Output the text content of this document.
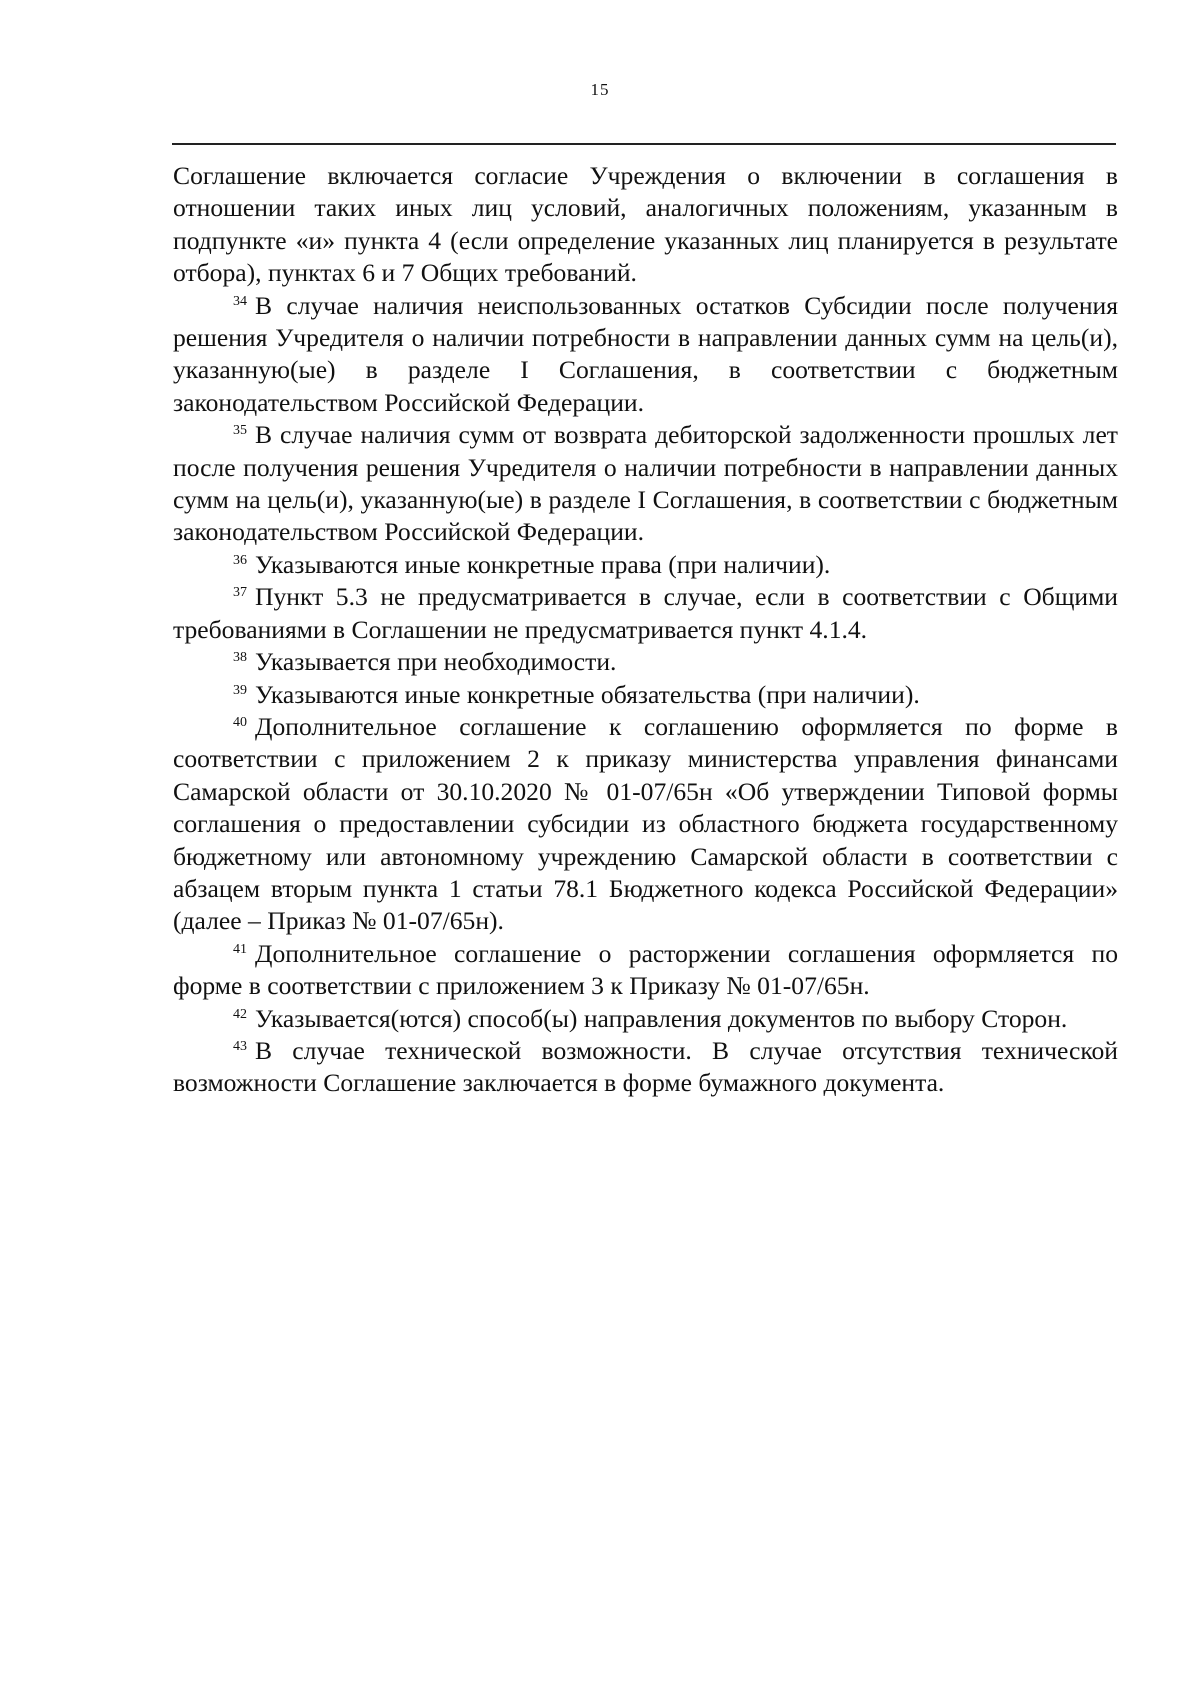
15

Соглашение включается согласие Учреждения о включении в соглашения в отношении таких иных лиц условий, аналогичных положениям, указанным в подпункте «и» пункта 4 (если определение указанных лиц планируется в результате отбора), пунктах 6 и 7 Общих требований.

$^{34}$ В случае наличия неиспользованных остатков Субсидии после получения решения Учредителя о наличии потребности в направлении данных сумм на цель(и), указанную(ые) в разделе I Соглашения, в соответствии с бюджетным законодательством Российской Федерации.

$^{35}$ В случае наличия сумм от возврата дебиторской задолженности прошлых лет после получения решения Учредителя о наличии потребности в направлении данных сумм на цель(и), указанную(ые) в разделе I Соглашения, в соответствии с бюджетным законодательством Российской Федерации.

$^{36}$ Указываются иные конкретные права (при наличии).

$^{37}$ Пункт 5.3 не предусматривается в случае, если в соответствии с Общими требованиями в Соглашении не предусматривается пункт 4.1.4.

$^{38}$ Указывается при необходимости.

$^{39}$ Указываются иные конкретные обязательства (при наличии).

$^{40}$ Дополнительное соглашение к соглашению оформляется по форме в соответствии с приложением 2 к приказу министерства управления финансами Самарской области от 30.10.2020 № 01-07/65н «Об утверждении Типовой формы соглашения о предоставлении субсидии из областного бюджета государственному бюджетному или автономному учреждению Самарской области в соответствии с абзацем вторым пункта 1 статьи 78.1 Бюджетного кодекса Российской Федерации» (далее – Приказ № 01-07/65н).

$^{41}$ Дополнительное соглашение о расторжении соглашения оформляется по форме в соответствии с приложением 3 к Приказу № 01-07/65н.

$^{42}$ Указывается(ются) способ(ы) направления документов по выбору Сторон.

$^{43}$ В случае технической возможности. В случае отсутствия технической возможности Соглашение заключается в форме бумажного документа.
